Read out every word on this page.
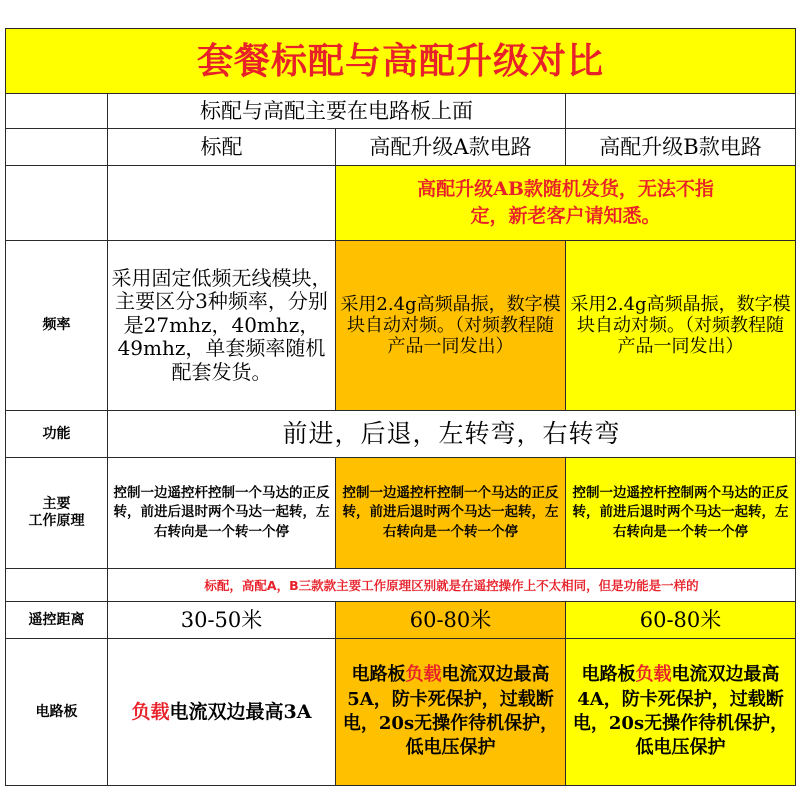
套餐标配与高配升级对比			
	标配与高配主要在电路板上面		
	标配	高配升级A款电路	高配升级B款电路
		高配升级AB款随机发货，无法不指
定，新老客户请知悉。	
频率	采用固定低频无线模块，主要区分3种频率，分别是27mhz，40mhz，49mhz，单套频率随机配套发货。	采用2.4g高频晶振，数字模块自动对频。（对频教程随产品一同发出）	采用2.4g高频晶振，数字模块自动对频。（对频教程随产品一同发出）
功能	前进，后退，左转弯，右转弯		

主要
工作原理	控制一边遥控杆控制一个马达的正反转，前进后退时两个马达一起转，左右转向是一个转一个停	控制一边遥控杆控制一个马达的正反转，前进后退时两个马达一起转，左右转向是一个转一个停	控制一边遥控杆控制两个马达的正反转，前进后退时两个马达一起转，左右转向是一个转一个停

	标配，高配A，B三款款主要工作原理区别就是在遥控操作上不太相同，但是功能是一样的		
遥控距离	30-50米	60-80米	60-80米
电路板	负载电流双边最高3A	电路板负载电流双边最高5A，防卡死保护，过载断电，20s无操作待机保护，低电压保护	电路板负载电流双边最高4A，防卡死保护，过载断电，20s无操作待机保护，低电压保护
